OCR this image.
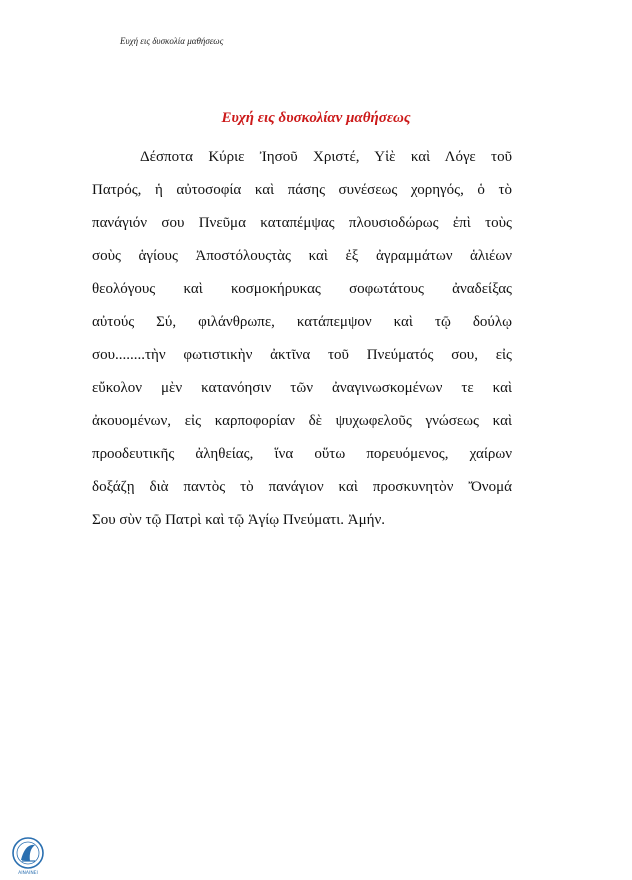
Ευχή εις δυσκολία μαθήσεως
Ευχή εις δυσκολίαν μαθήσεως
Δέσποτα Κύριε Ἰησοῦ Χριστέ, Υἱὲ καὶ Λόγε τοῦ
Πατρός, ἡ αὐτοσοφία καὶ πάσης συνέσεως χορηγός, ὁ τὸ
πανάγιόν σου Πνεῦμα καταπέμψας πλουσιοδώρως ἐπὶ τοὺς
σοὺς ἁγίους Ἀποστόλουςτὰς καὶ ἐξ ἀγραμμάτων ἁλιέων
θεολόγους καὶ κοσμοκήρυκας σοφωτάτους ἀναδείξας
αὐτούς Σύ, φιλάνθρωπε, κατάπεμψον καὶ τῷ δούλῳ
σου........τὴν φωτιστικὴν ἀκτῖνα τοῦ Πνεύματός σου, εἰς
εὔκολον μὲν κατανόησιν τῶν ἀναγινωσκομένων τε καὶ
ἀκουομένων, εἰς καρποφορίαν δὲ ψυχωφελοῦς γνώσεως καὶ
προοδευτικῆς ἀληθείας, ἵνα οὕτω πορευόμενος, χαίρων
δοξάζῃ διὰ παντὸς τὸ πανάγιον καὶ προσκυνητὸν Ὄνομά
Σου σὺν τῷ Πατρὶ καὶ τῷ Ἁγίῳ Πνεύματι. Ἀμήν.
ΑΙΝΑΙΝΕΙ
